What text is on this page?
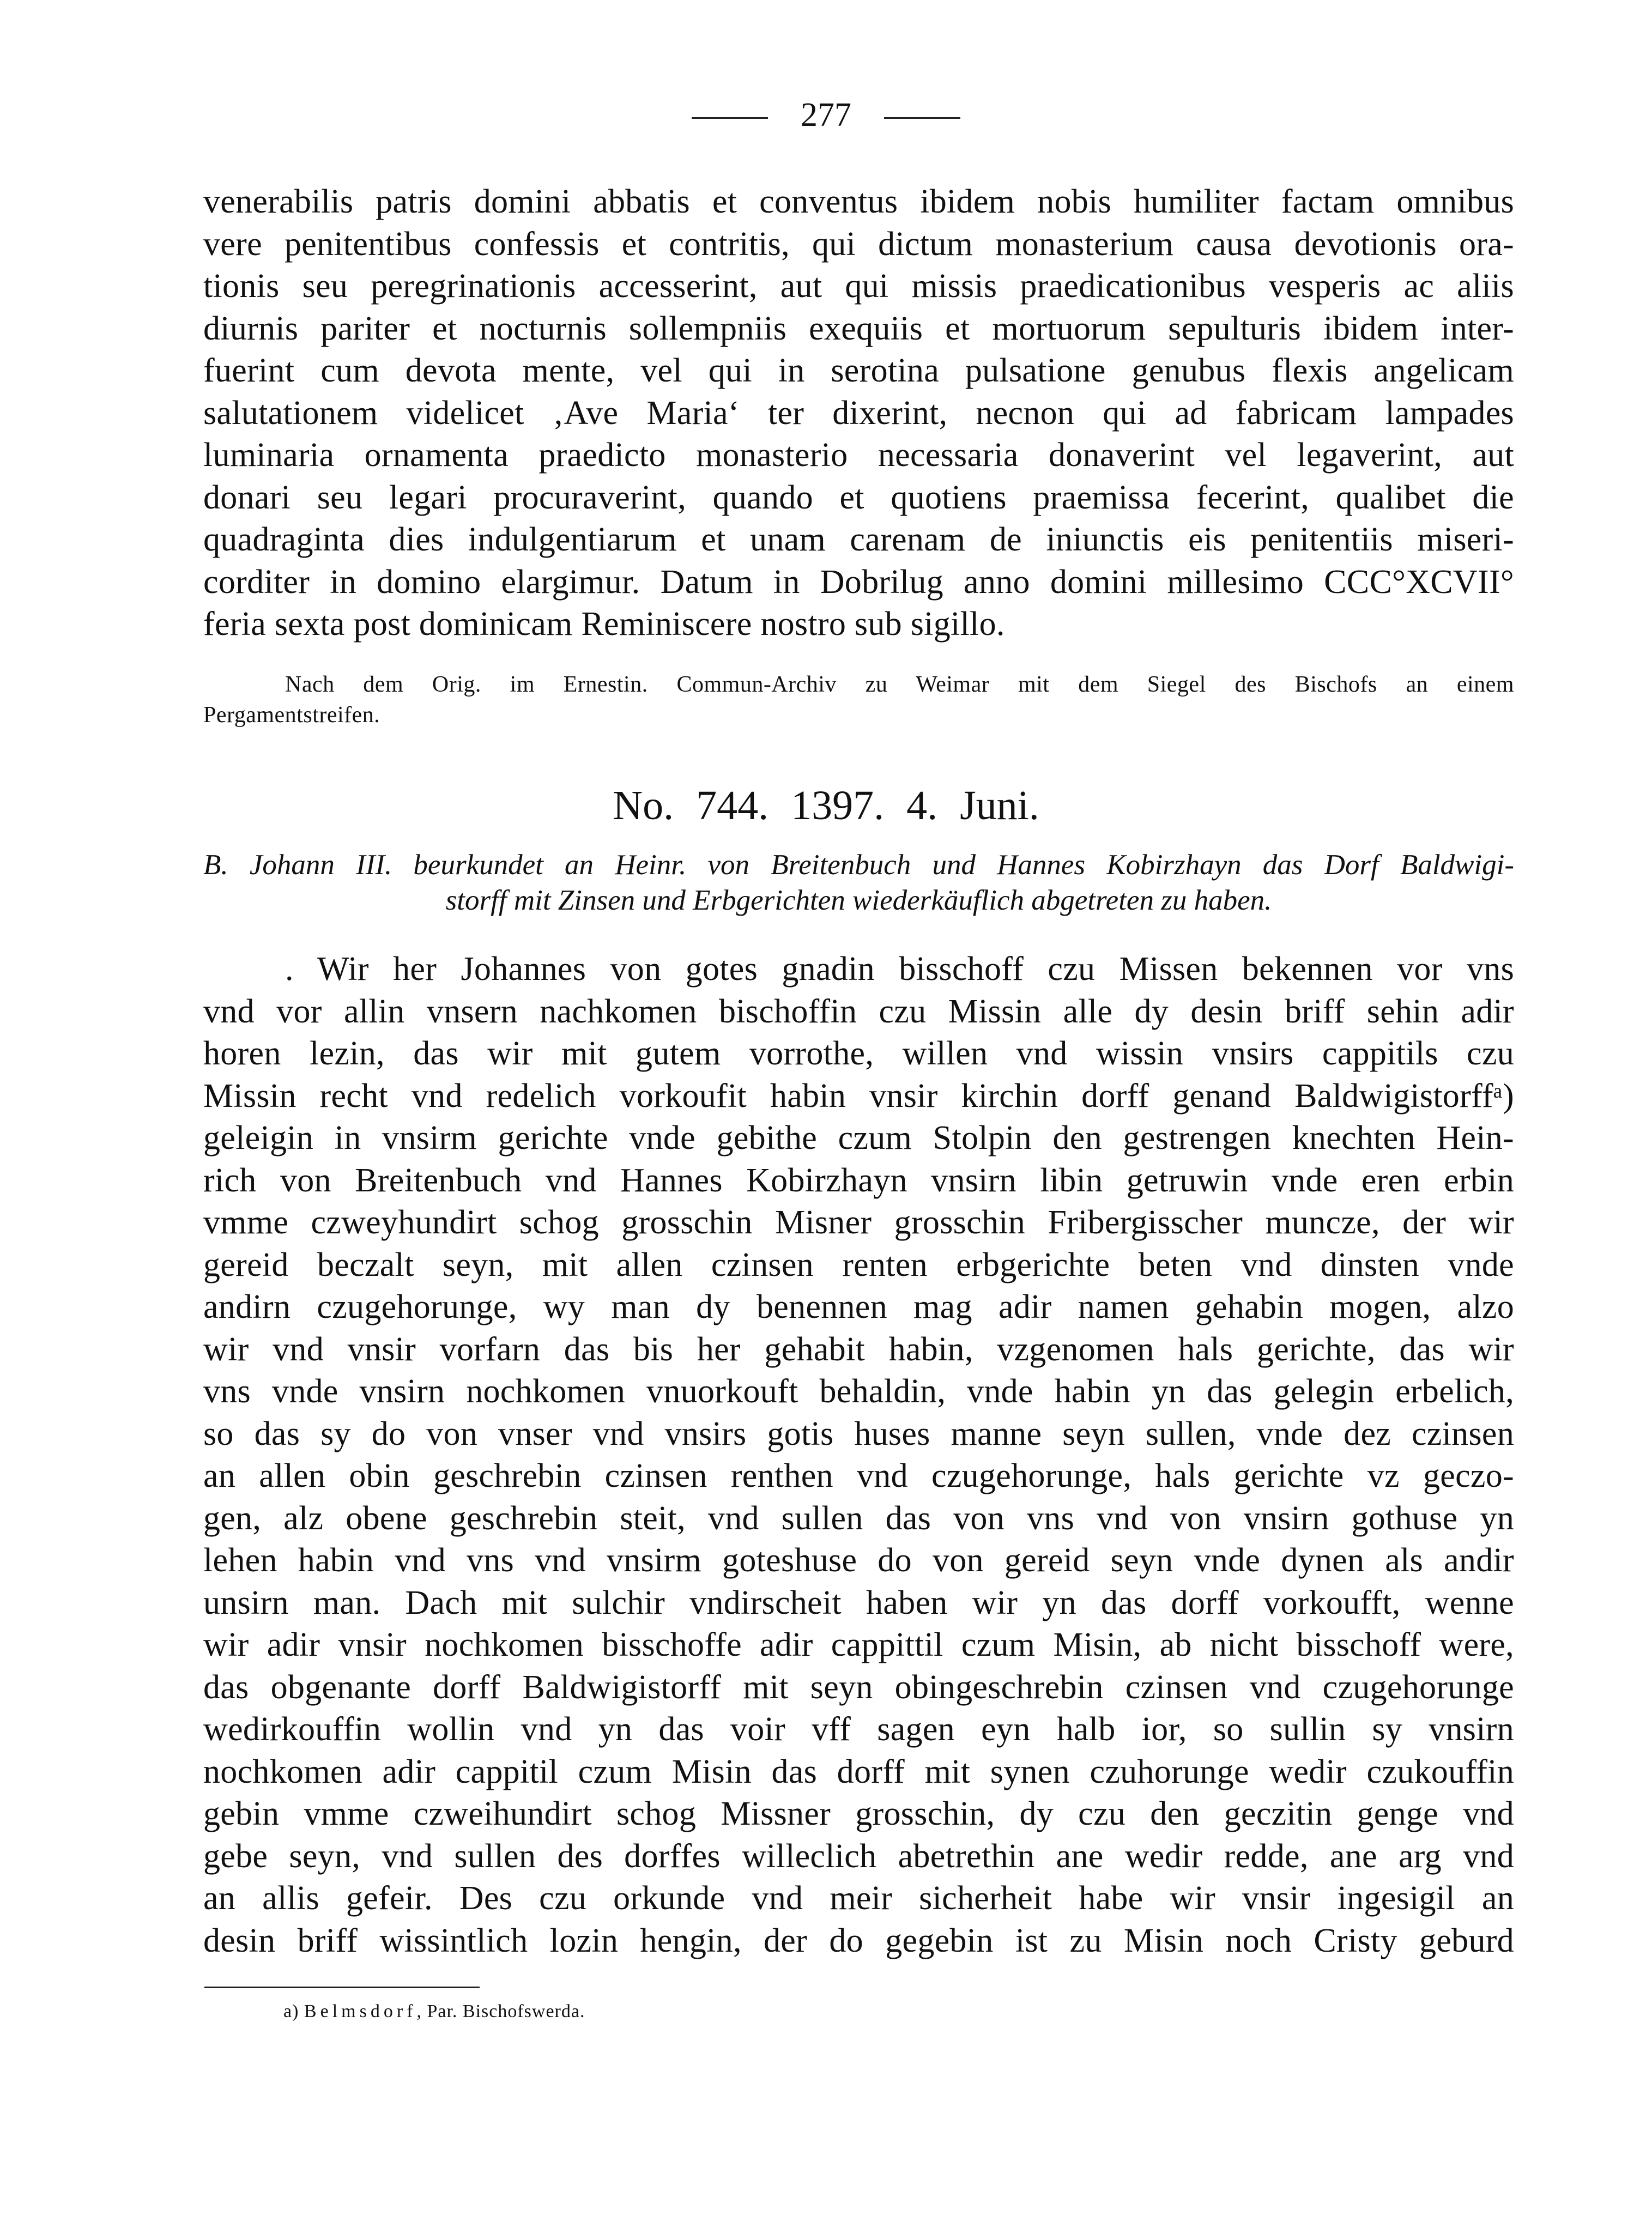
277
venerabilis patris domini abbatis et conventus ibidem nobis humiliter factam omnibus
vere penitentibus confessis et contritis, qui dictum monasterium causa devotionis ora-
tionis seu peregrinationis accesserint, aut qui missis praedicationibus vesperis ac aliis
diurnis pariter et nocturnis sollempniis exequiis et mortuorum sepulturis ibidem inter-
fuerint cum devota mente, vel qui in serotina pulsatione genubus flexis angelicam
salutationem videlicet ‚Ave Maria‘ ter dixerint, necnon qui ad fabricam lampades
luminaria ornamenta praedicto monasterio necessaria donaverint vel legaverint, aut
donari seu legari procuraverint, quando et quotiens praemissa fecerint, qualibet die
quadraginta dies indulgentiarum et unam carenam de iniunctis eis penitentiis miseri-
corditer in domino elargimur. Datum in Dobrilug anno domini millesimo CCC°XCVII°
feria sexta post dominicam Reminiscere nostro sub sigillo.
Nach dem Orig. im Ernestin. Commun-Archiv zu Weimar mit dem Siegel des Bischofs an einem
Pergamentstreifen.
No. 744. 1397. 4. Juni.
B. Johann III. beurkundet an Heinr. von Breitenbuch und Hannes Kobirzhayn das Dorf Baldwigi-
storff mit Zinsen und Erbgerichten wiederkäuflich abgetreten zu haben.
. Wir her Johannes von gotes gnadin bisschoff czu Missen bekennen vor vns
vnd vor allin vnsern nachkomen bischoffin czu Missin alle dy desin briff sehin adir
horen lezin, das wir mit gutem vorrothe, willen vnd wissin vnsirs cappitils czu
Missin recht vnd redelich vorkoufit habin vnsir kirchin dorff genand Baldwigistorffᵃ)
geleigin in vnsirm gerichte vnde gebithe czum Stolpin den gestrengen knechten Hein-
rich von Breitenbuch vnd Hannes Kobirzhayn vnsirn libin getruwin vnde eren erbin
vmme czweyhundirt schog grosschin Misner grosschin Fribergisscher muncze, der wir
gereid beczalt seyn, mit allen czinsen renten erbgerichte beten vnd dinsten vnde
andirn czugehorunge, wy man dy benennen mag adir namen gehabin mogen, alzo
wir vnd vnsir vorfarn das bis her gehabit habin, vzgenomen hals gerichte, das wir
vns vnde vnsirn nochkomen vnuorkouft behaldin, vnde habin yn das gelegin erbelich,
so das sy do von vnser vnd vnsirs gotis huses manne seyn sullen, vnde dez czinsen
an allen obin geschrebin czinsen renthen vnd czugehorunge, hals gerichte vz geczo-
gen, alz obene geschrebin steit, vnd sullen das von vns vnd von vnsirn gothuse yn
lehen habin vnd vns vnd vnsirm goteshuse do von gereid seyn vnde dynen als andir
unsirn man. Dach mit sulchir vndirscheit haben wir yn das dorff vorkoufft, wenne
wir adir vnsir nochkomen bisschoffe adir cappittil czum Misin, ab nicht bisschoff were,
das obgenante dorff Baldwigistorff mit seyn obingeschrebin czinsen vnd czugehorunge
wedirkouffin wollin vnd yn das voir vff sagen eyn halb ior, so sullin sy vnsirn
nochkomen adir cappitil czum Misin das dorff mit synen czuhorunge wedir czukouffin
gebin vmme czweihundirt schog Missner grosschin, dy czu den geczitin genge vnd
gebe seyn, vnd sullen des dorffes willeclich abetrethin ane wedir redde, ane arg vnd
an allis gefeir. Des czu orkunde vnd meir sicherheit habe wir vnsir ingesigil an
desin briff wissintlich lozin hengin, der do gegebin ist zu Misin noch Cristy geburd
a) Belmsdorf, Par. Bischofswerda.
